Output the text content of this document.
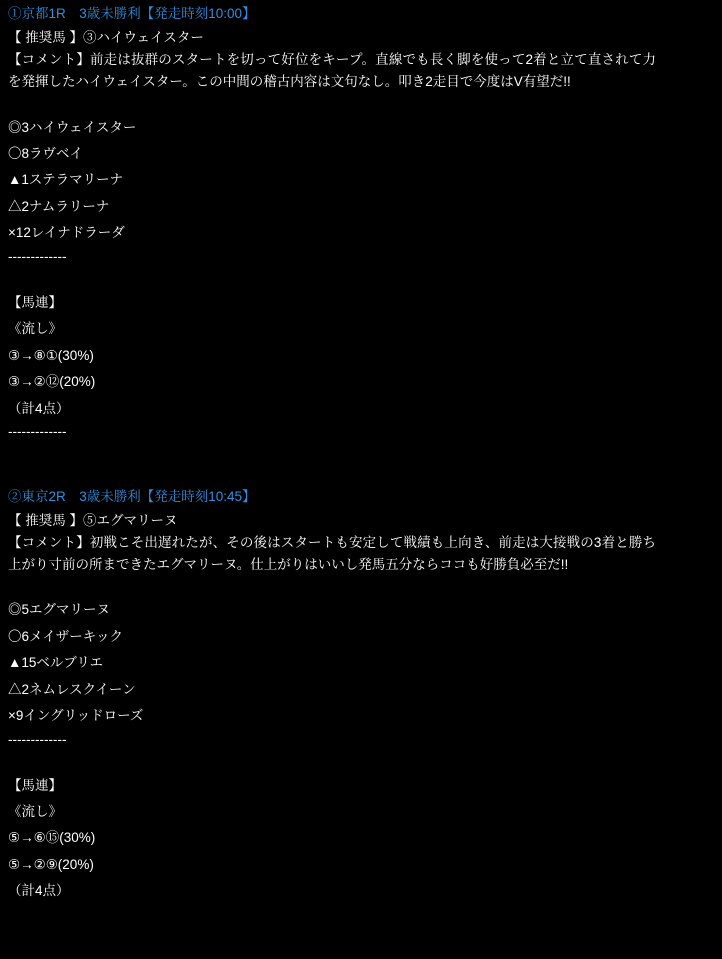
①京都1R　3歳未勝利【発走時刻10:00】
【 推奨馬 】③ハイウェイスター
【コメント】前走は抜群のスタートを切って好位をキープ。直線でも長く脚を使って2着と立て直されて力を発揮したハイウェイスター。この中間の稽古内容は文句なし。叩き2走目で今度はV有望だ!!
◎3ハイウェイスター
〇8ラヴベイ
▲1ステラマリーナ
△2ナムラリーナ
×12レイナドラーダ
-------------
【馬連】
《流し》
③→⑧①(30%)
③→②⑫(20%)
（計4点）
-------------
②東京2R　3歳未勝利【発走時刻10:45】
【 推奨馬 】⑤エグマリーヌ
【コメント】初戦こそ出遅れたが、その後はスタートも安定して戦績も上向き、前走は大接戦の3着と勝ち上がり寸前の所まできたエグマリーヌ。仕上がりはいいし発馬五分ならココも好勝負必至だ!!
◎5エグマリーヌ
〇6メイザーキック
▲15ベルブリエ
△2ネムレスクイーン
×9イングリッドローズ
-------------
【馬連】
《流し》
⑤→⑥⑮(30%)
⑤→②⑨(20%)
（計4点）
